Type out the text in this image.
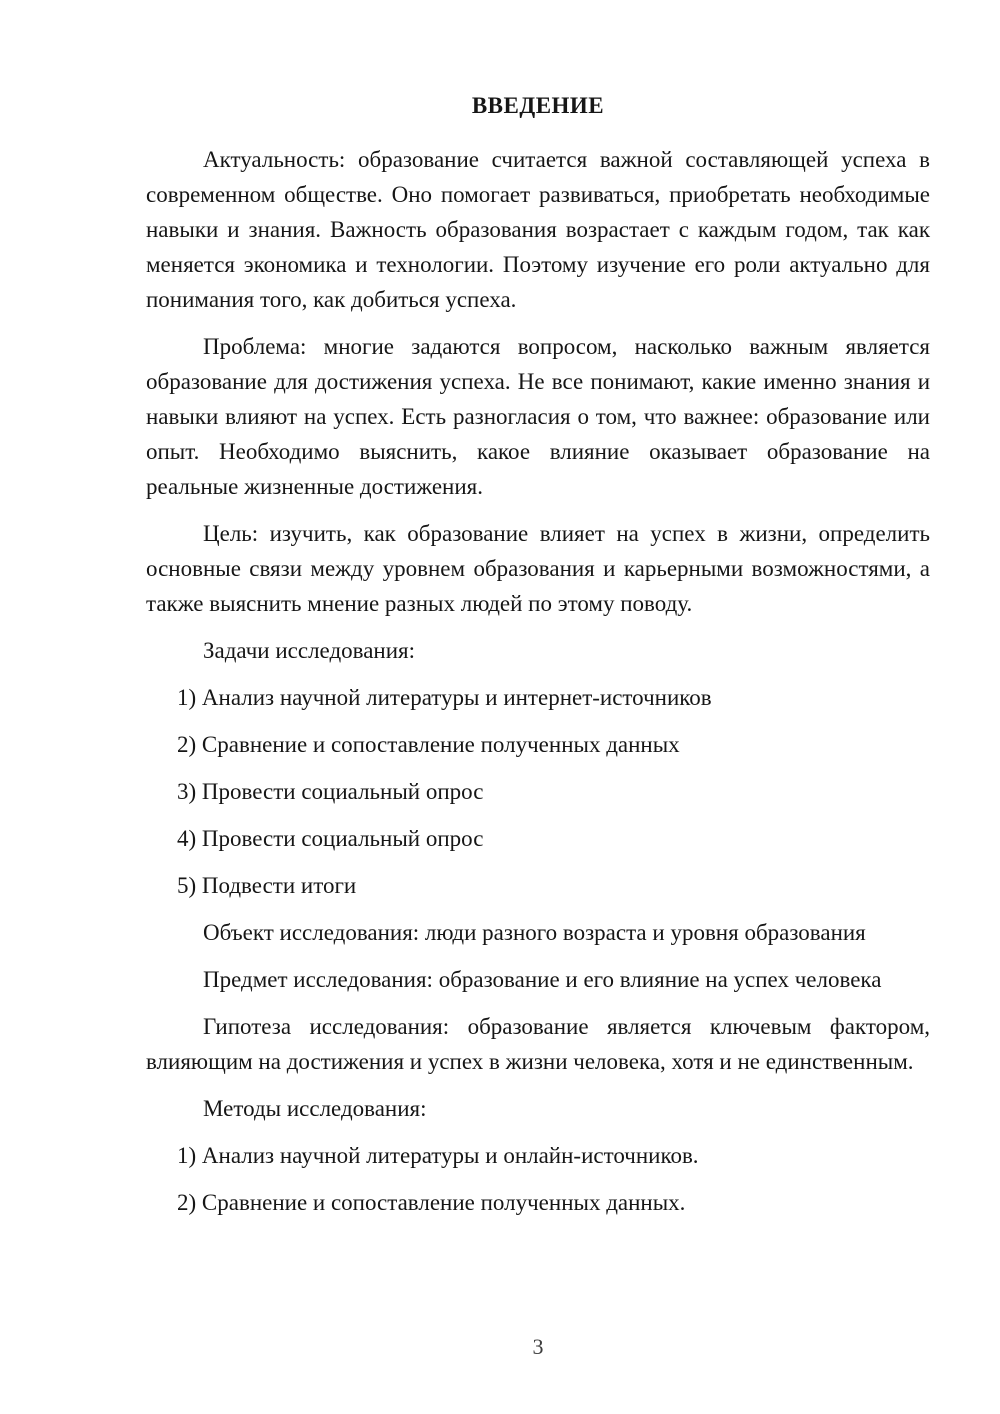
ВВЕДЕНИЕ

Актуальность: образование считается важной составляющей успеха в современном обществе. Оно помогает развиваться, приобретать необходимые навыки и знания. Важность образования возрастает с каждым годом, так как меняется экономика и технологии. Поэтому изучение его роли актуально для понимания того, как добиться успеха.

Проблема: многие задаются вопросом, насколько важным является образование для достижения успеха. Не все понимают, какие именно знания и навыки влияют на успех. Есть разногласия о том, что важнее: образование или опыт. Необходимо выяснить, какое влияние оказывает образование на реальные жизненные достижения.

Цель: изучить, как образование влияет на успех в жизни, определить основные связи между уровнем образования и карьерными возможностями, а также выяснить мнение разных людей по этому поводу.

Задачи исследования:

1) Анализ научной литературы и интернет-источников

2) Сравнение и сопоставление полученных данных

3) Провести социальный опрос

4) Провести социальный опрос

5) Подвести итоги

Объект исследования: люди разного возраста и уровня образования

Предмет исследования: образование и его влияние на успех человека

Гипотеза исследования: образование является ключевым фактором, влияющим на достижения и успех в жизни человека, хотя и не единственным.

Методы исследования:

1) Анализ научной литературы и онлайн-источников.

2) Сравнение и сопоставление полученных данных.

3
